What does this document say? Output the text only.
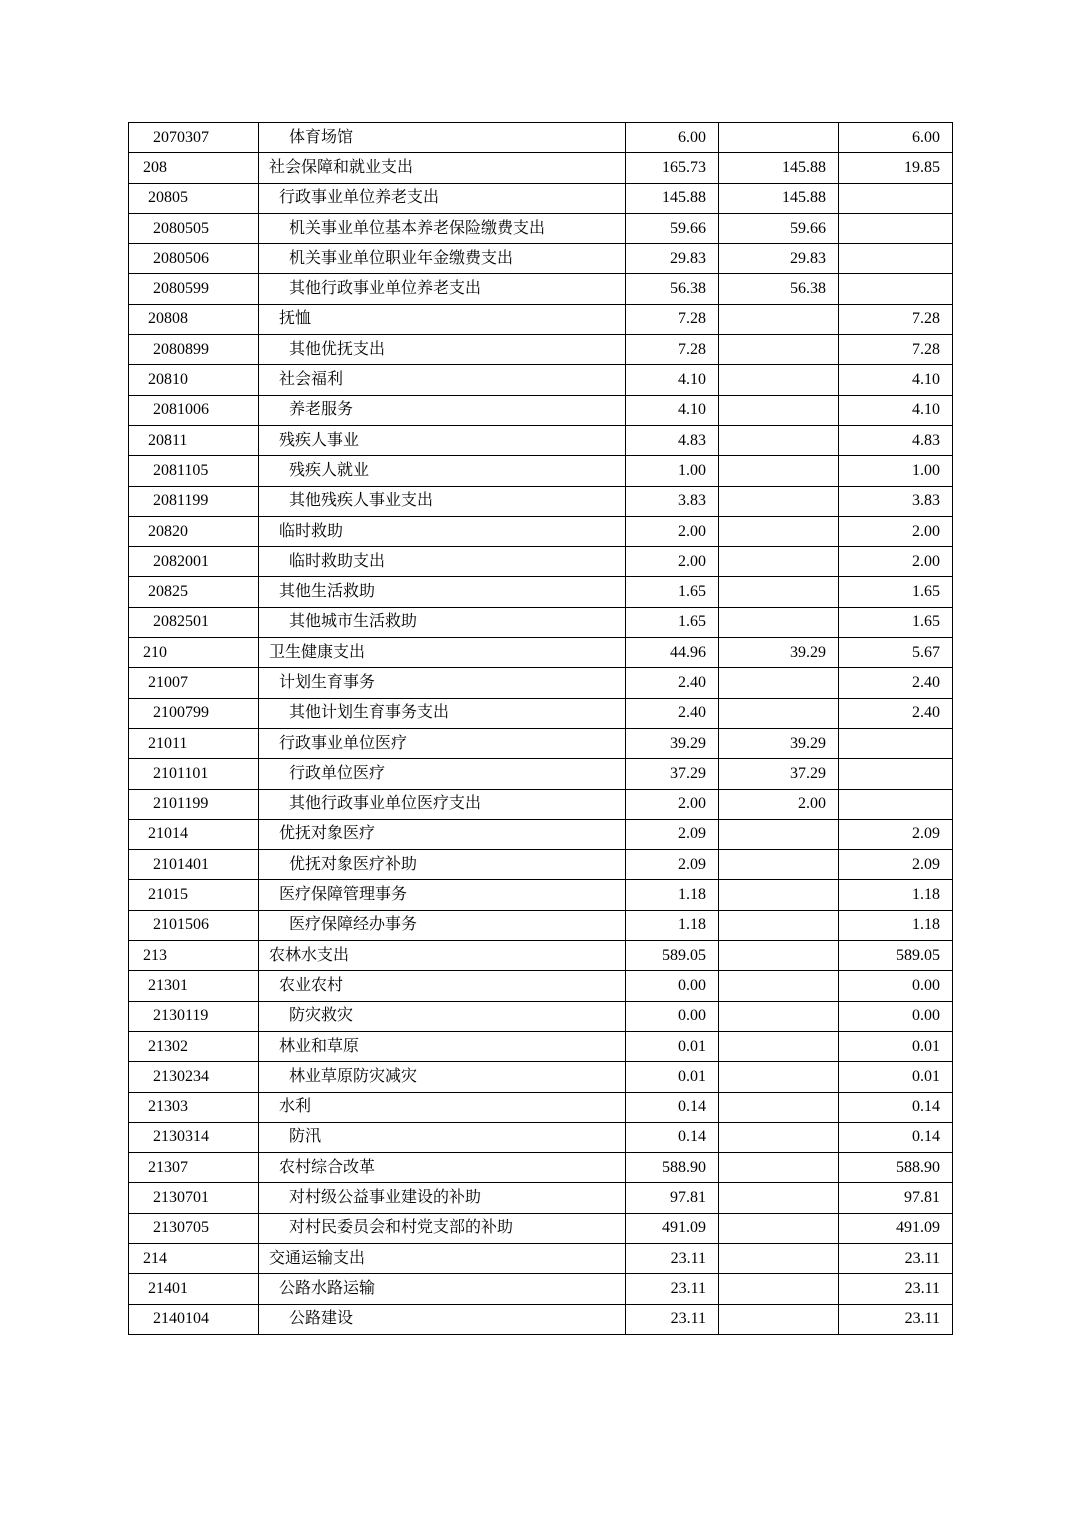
2070307	体育场馆	6.00		6.00
208	社会保障和就业支出	165.73	145.88	19.85
20805	行政事业单位养老支出	145.88	145.88	
2080505	机关事业单位基本养老保险缴费支出	59.66	59.66	
2080506	机关事业单位职业年金缴费支出	29.83	29.83	
2080599	其他行政事业单位养老支出	56.38	56.38	
20808	抚恤	7.28		7.28
2080899	其他优抚支出	7.28		7.28
20810	社会福利	4.10		4.10
2081006	养老服务	4.10		4.10
20811	残疾人事业	4.83		4.83
2081105	残疾人就业	1.00		1.00
2081199	其他残疾人事业支出	3.83		3.83
20820	临时救助	2.00		2.00
2082001	临时救助支出	2.00		2.00
20825	其他生活救助	1.65		1.65
2082501	其他城市生活救助	1.65		1.65
210	卫生健康支出	44.96	39.29	5.67
21007	计划生育事务	2.40		2.40
2100799	其他计划生育事务支出	2.40		2.40
21011	行政事业单位医疗	39.29	39.29	
2101101	行政单位医疗	37.29	37.29	
2101199	其他行政事业单位医疗支出	2.00	2.00	
21014	优抚对象医疗	2.09		2.09
2101401	优抚对象医疗补助	2.09		2.09
21015	医疗保障管理事务	1.18		1.18
2101506	医疗保障经办事务	1.18		1.18
213	农林水支出	589.05		589.05
21301	农业农村	0.00		0.00
2130119	防灾救灾	0.00		0.00
21302	林业和草原	0.01		0.01
2130234	林业草原防灾减灾	0.01		0.01
21303	水利	0.14		0.14
2130314	防汛	0.14		0.14
21307	农村综合改革	588.90		588.90
2130701	对村级公益事业建设的补助	97.81		97.81
2130705	对村民委员会和村党支部的补助	491.09		491.09
214	交通运输支出	23.11		23.11
21401	公路水路运输	23.11		23.11
2140104	公路建设	23.11		23.11
